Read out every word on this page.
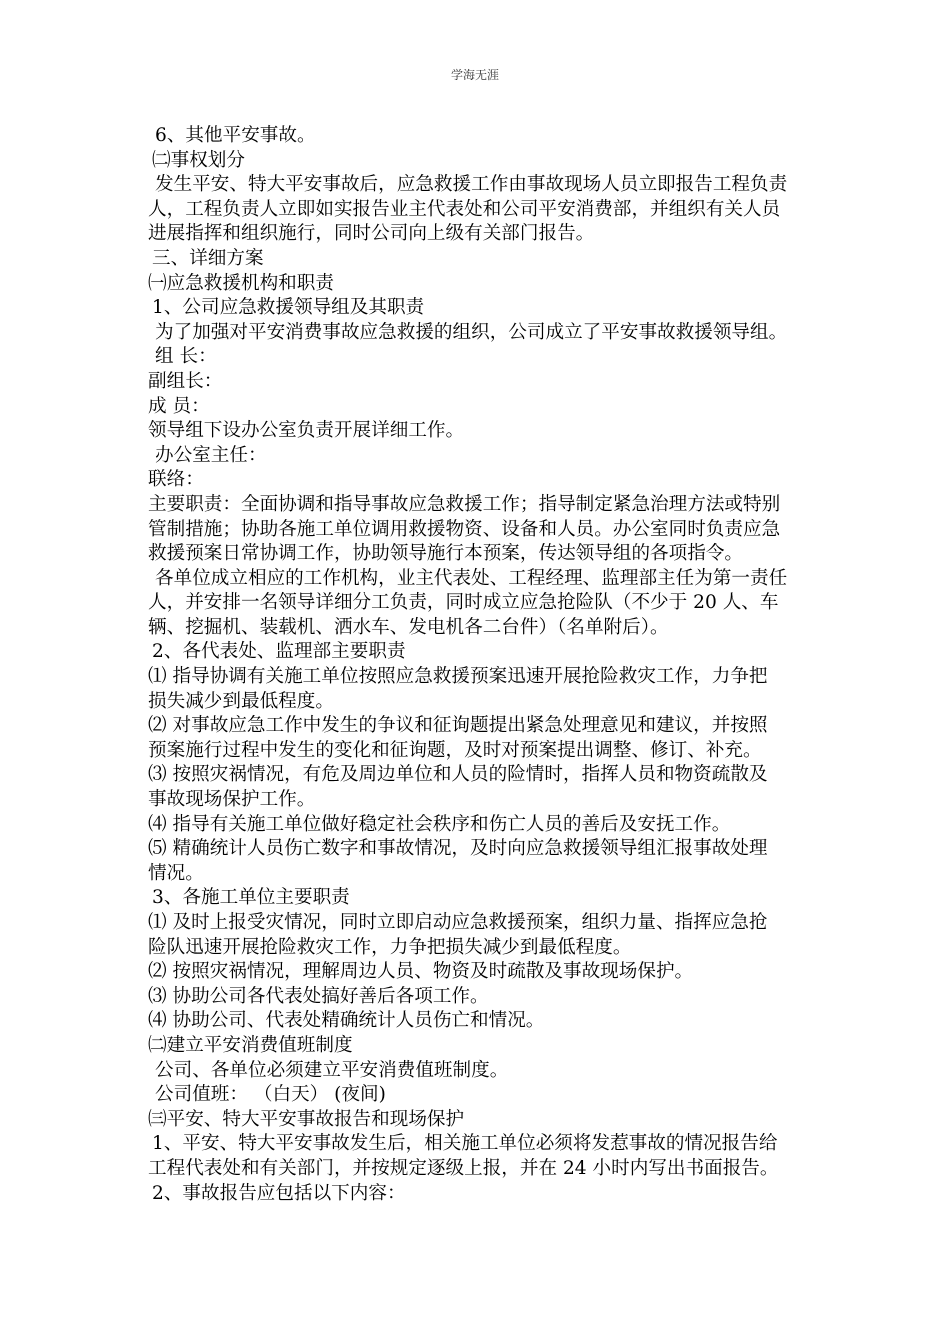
学海无涯

6、其他平安事故。

㈡事权划分

发生平安、特大平安事故后，应急救援工作由事故现场人员立即报告工程负责

人，工程负责人立即如实报告业主代表处和公司平安消费部，并组织有关人员

进展指挥和组织施行，同时公司向上级有关部门报告。

三、详细方案

㈠应急救援机构和职责

1、公司应急救援领导组及其职责

为了加强对平安消费事故应急救援的组织，公司成立了平安事故救援领导组。

组 长：

副组长：

成 员：

领导组下设办公室负责开展详细工作。

办公室主任：

联络：

主要职责：全面协调和指导事故应急救援工作；指导制定紧急治理方法或特别

管制措施；协助各施工单位调用救援物资、设备和人员。办公室同时负责应急

救援预案日常协调工作，协助领导施行本预案，传达领导组的各项指令。

各单位成立相应的工作机构，业主代表处、工程经理、监理部主任为第一责任

人，并安排一名领导详细分工负责，同时成立应急抢险队（不少于 20 人、车

辆、挖掘机、装载机、洒水车、发电机各二台件）（名单附后）。

2、各代表处、监理部主要职责

⑴ 指导协调有关施工单位按照应急救援预案迅速开展抢险救灾工作，力争把

损失减少到最低程度。

⑵ 对事故应急工作中发生的争议和征询题提出紧急处理意见和建议，并按照

预案施行过程中发生的变化和征询题，及时对预案提出调整、修订、补充。

⑶ 按照灾祸情况，有危及周边单位和人员的险情时，指挥人员和物资疏散及

事故现场保护工作。

⑷ 指导有关施工单位做好稳定社会秩序和伤亡人员的善后及安抚工作。

⑸ 精确统计人员伤亡数字和事故情况，及时向应急救援领导组汇报事故处理

情况。

3、各施工单位主要职责

⑴ 及时上报受灾情况，同时立即启动应急救援预案，组织力量、指挥应急抢

险队迅速开展抢险救灾工作，力争把损失减少到最低程度。

⑵ 按照灾祸情况，理解周边人员、物资及时疏散及事故现场保护。

⑶ 协助公司各代表处搞好善后各项工作。

⑷ 协助公司、代表处精确统计人员伤亡和情况。

㈡建立平安消费值班制度

公司、各单位必须建立平安消费值班制度。

公司值班： （白天） (夜间)

㈢平安、特大平安事故报告和现场保护

1、平安、特大平安事故发生后，相关施工单位必须将发惹事故的情况报告给

工程代表处和有关部门，并按规定逐级上报，并在 24 小时内写出书面报告。

2、事故报告应包括以下内容：
